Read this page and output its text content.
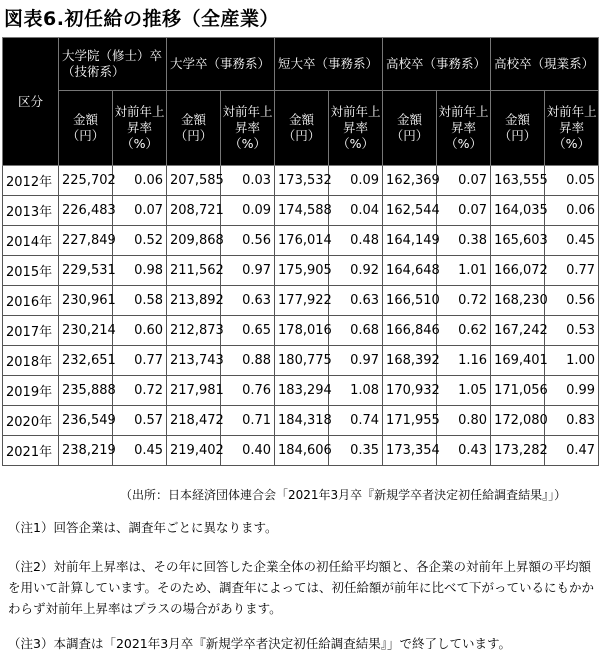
図表6.初任給の推移（全産業）
区分	大学院（修士）卒（技術系）		大学卒（事務系）		短大卒（事務系）		高校卒（事務系）		高校卒（現業系）	
	金額（円）	対前年上昇率（%）	金額（円）	対前年上昇率（%）	金額（円）	対前年上昇率（%）	金額（円）	対前年上昇率（%）	金額（円）	対前年上昇率（%）
2012年	225,702	0.06	207,585	0.03	173,532	0.09	162,369	0.07	163,555	0.05
2013年	226,483	0.07	208,721	0.09	174,588	0.04	162,544	0.07	164,035	0.06
2014年	227,849	0.52	209,868	0.56	176,014	0.48	164,149	0.38	165,603	0.45
2015年	229,531	0.98	211,562	0.97	175,905	0.92	164,648	1.01	166,072	0.77
2016年	230,961	0.58	213,892	0.63	177,922	0.63	166,510	0.72	168,230	0.56
2017年	230,214	0.60	212,873	0.65	178,016	0.68	166,846	0.62	167,242	0.53
2018年	232,651	0.77	213,743	0.88	180,775	0.97	168,392	1.16	169,401	1.00
2019年	235,888	0.72	217,981	0.76	183,294	1.08	170,932	1.05	171,056	0.99
2020年	236,549	0.57	218,472	0.71	184,318	0.74	171,955	0.80	172,080	0.83
2021年	238,219	0.45	219,402	0.40	184,606	0.35	173,354	0.43	173,282	0.47
（出所：日本経済団体連合会「2021年3月卒『新規学卒者決定初任給調査結果』」）
（注1）回答企業は、調査年ごとに異なります。
（注2）対前年上昇率は、その年に回答した企業全体の初任給平均額と、各企業の対前年上昇額の平均額を用いて計算しています。そのため、調査年によっては、初任給額が前年に比べて下がっているにもかかわらず対前年上昇率はプラスの場合があります。
（注3）本調査は「2021年3月卒『新規学卒者決定初任給調査結果』」で終了しています。
